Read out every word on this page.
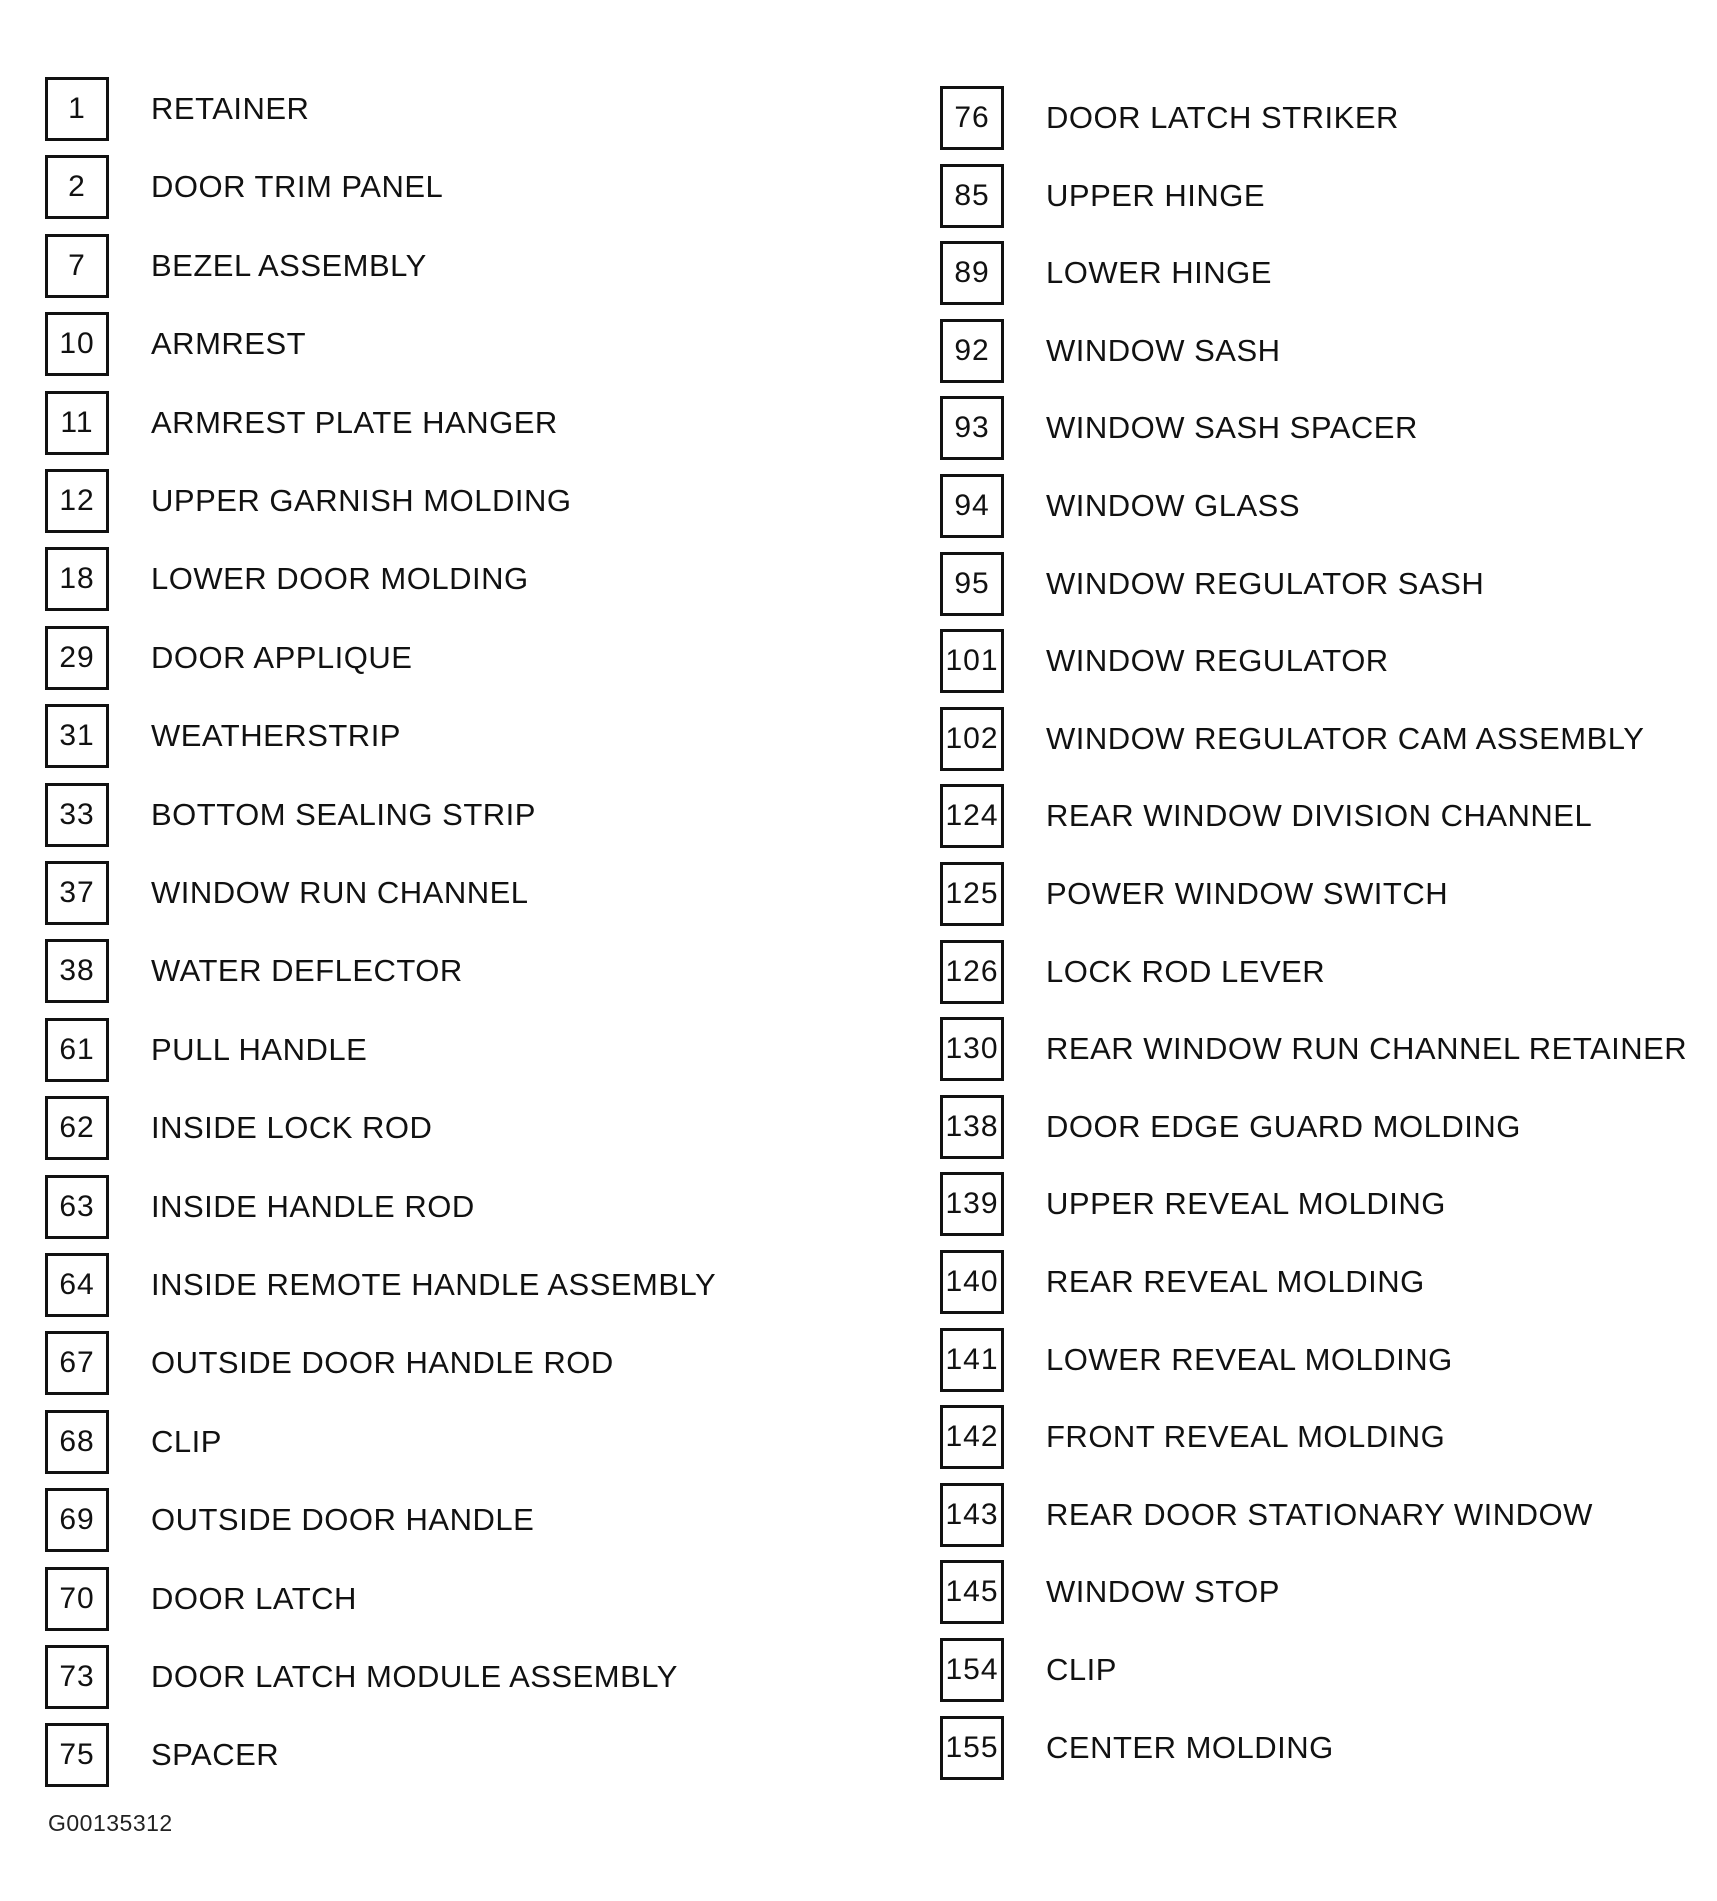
1	RETAINER
2	DOOR TRIM PANEL
7	BEZEL ASSEMBLY
10	ARMREST
11	ARMREST PLATE HANGER
12	UPPER GARNISH MOLDING
18	LOWER DOOR MOLDING
29	DOOR APPLIQUE
31	WEATHERSTRIP
33	BOTTOM SEALING STRIP
37	WINDOW RUN CHANNEL
38	WATER DEFLECTOR
61	PULL HANDLE
62	INSIDE LOCK ROD
63	INSIDE HANDLE ROD
64	INSIDE REMOTE HANDLE ASSEMBLY
67	OUTSIDE DOOR HANDLE ROD
68	CLIP
69	OUTSIDE DOOR HANDLE
70	DOOR LATCH
73	DOOR LATCH MODULE ASSEMBLY
75	SPACER
76	DOOR LATCH STRIKER
85	UPPER HINGE
89	LOWER HINGE
92	WINDOW SASH
93	WINDOW SASH SPACER
94	WINDOW GLASS
95	WINDOW REGULATOR SASH
101 WINDOW REGULATOR
102 WINDOW REGULATOR CAM ASSEMBLY
124 REAR WINDOW DIVISION CHANNEL
125 POWER WINDOW SWITCH
126 LOCK ROD LEVER
130 REAR WINDOW RUN CHANNEL RETAINER
138 DOOR EDGE GUARD MOLDING
139 UPPER REVEAL MOLDING
140 REAR REVEAL MOLDING
141 LOWER REVEAL MOLDING
142 FRONT REVEAL MOLDING
143 REAR DOOR STATIONARY WINDOW
145 WINDOW STOP
154 CLIP
155 CENTER MOLDING
G00135312
